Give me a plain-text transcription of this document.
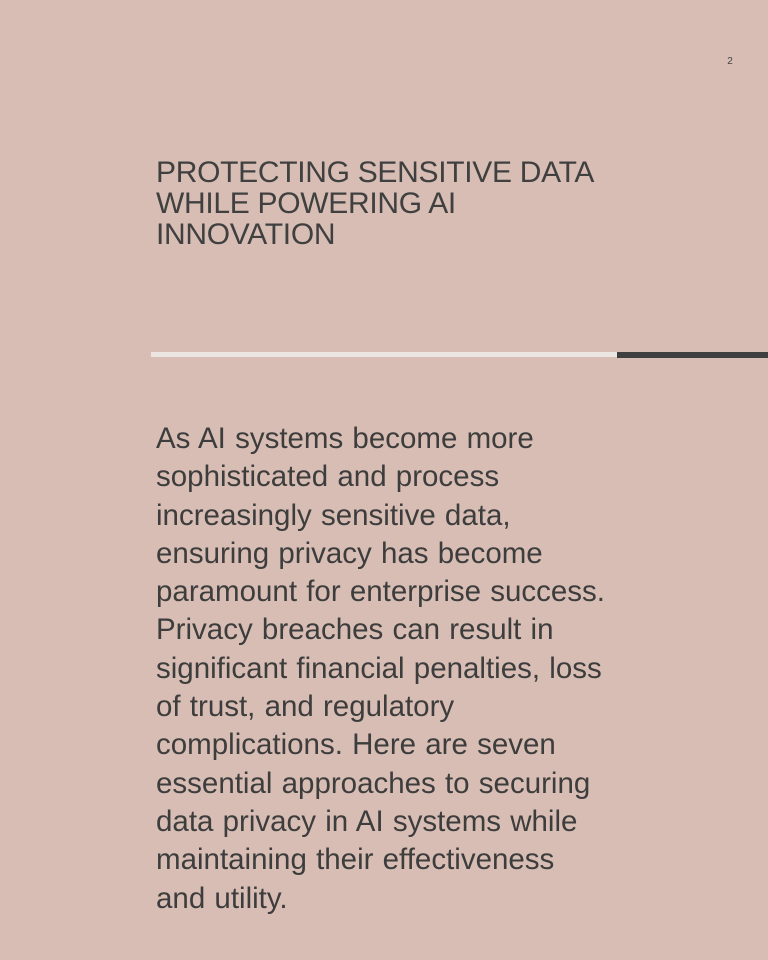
2
PROTECTING SENSITIVE DATA WHILE POWERING AI INNOVATION

As AI systems become more sophisticated and process increasingly sensitive data, ensuring privacy has become paramount for enterprise success. Privacy breaches can result in significant financial penalties, loss of trust, and regulatory complications. Here are seven essential approaches to securing data privacy in AI systems while maintaining their effectiveness and utility.
